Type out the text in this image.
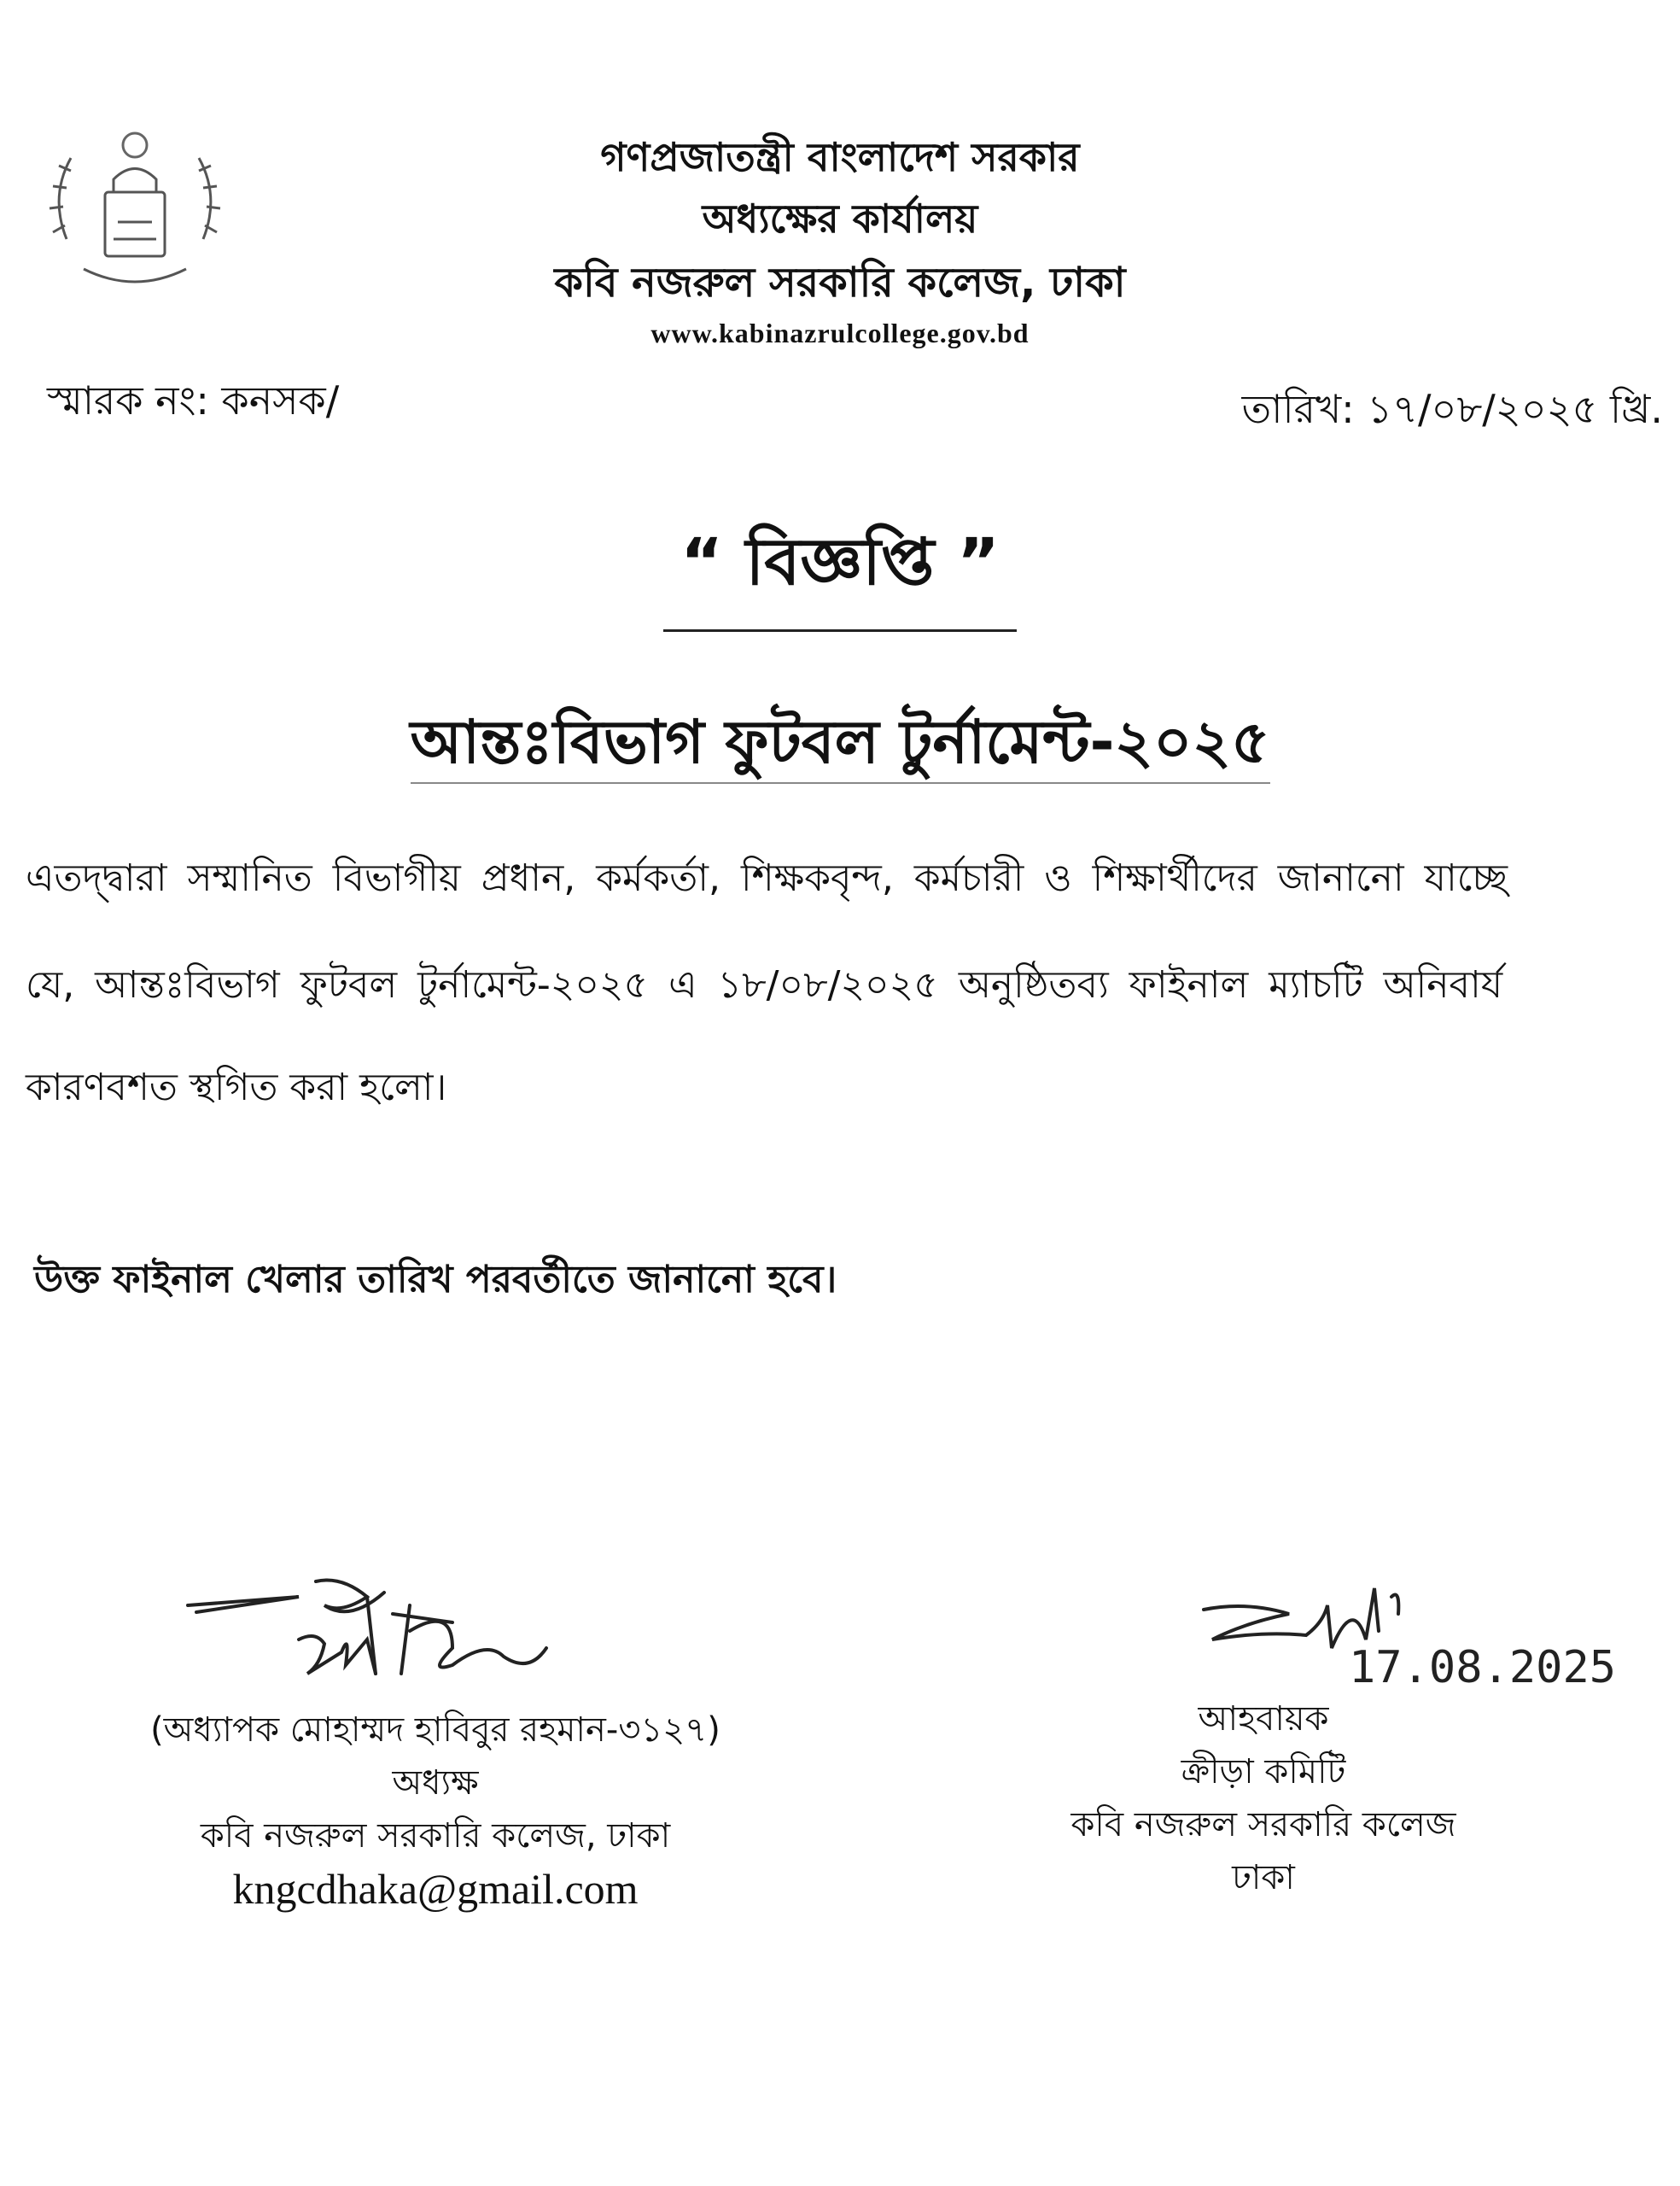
গণপ্রজাতন্ত্রী বাংলাদেশ সরকার
অধ্যক্ষের কার্যালয়
কবি নজরুল সরকারি কলেজ, ঢাকা
www.kabinazrulcollege.gov.bd
স্মারক নং: কনসক/	তারিখ: ১৭/০৮/২০২৫ খ্রি.
“ বিজ্ঞপ্তি ”
আন্তঃবিভাগ ফুটবল টুর্নামেন্ট-২০২৫
এতদ্দ্বারা সম্মানিত বিভাগীয় প্রধান, কর্মকর্তা, শিক্ষকবৃন্দ, কর্মচারী ও শিক্ষার্থীদের জানানো যাচ্ছে
যে, আন্তঃবিভাগ ফুটবল টুর্নামেন্ট-২০২৫ এ ১৮/০৮/২০২৫ অনুষ্ঠিতব্য ফাইনাল ম্যাচটি অনিবার্য
কারণবশত স্থগিত করা হলো।
উক্ত ফাইনাল খেলার তারিখ পরবর্তীতে জানানো হবে।
17.08.2025
(অধ্যাপক মোহাম্মদ হাবিবুর রহমান-৩১২৭)
অধ্যক্ষ
কবি নজরুল সরকারি কলেজ, ঢাকা
kngcdhaka@gmail.com
আহবায়ক
ক্রীড়া কমিটি
কবি নজরুল সরকারি কলেজ
ঢাকা
